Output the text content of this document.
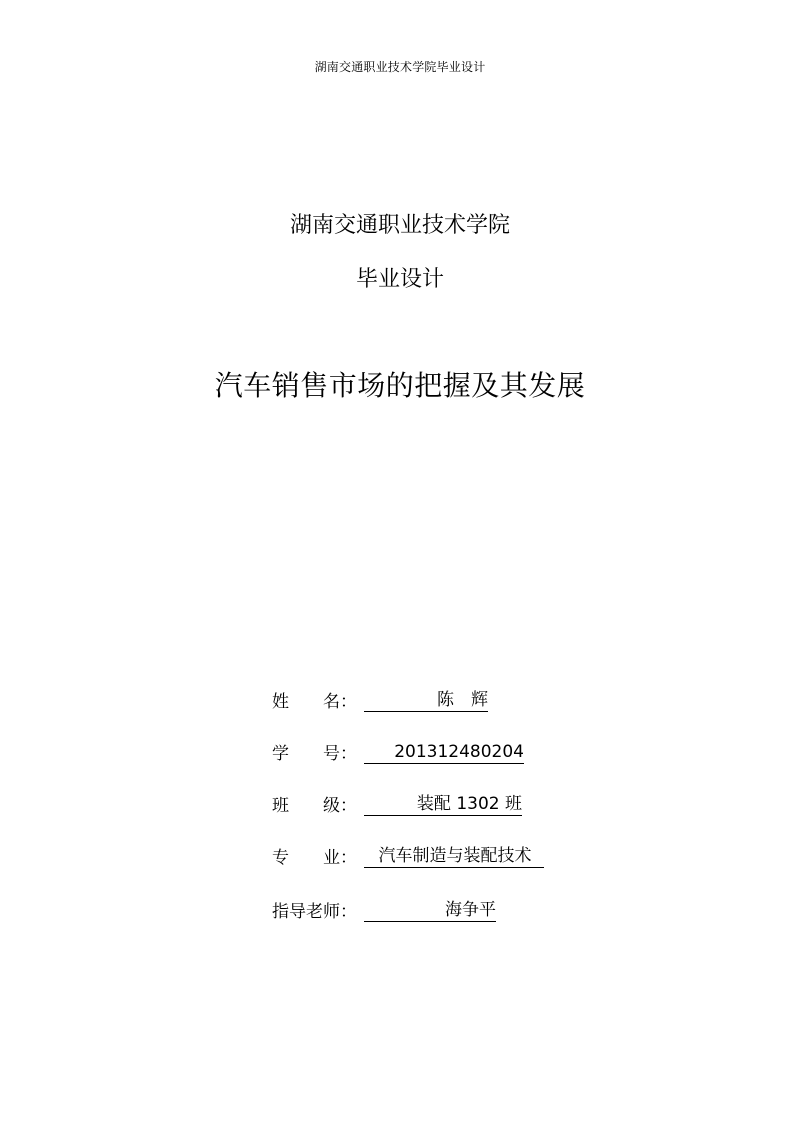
湖南交通职业技术学院毕业设计
湖南交通职业技术学院
毕业设计
汽车销售市场的把握及其发展
姓　　名：	陈　辉
学　　号：	201312480204
班　　级：	装配 1302 班
专　　业：	汽车制造与装配技术
指导老师：	海争平
